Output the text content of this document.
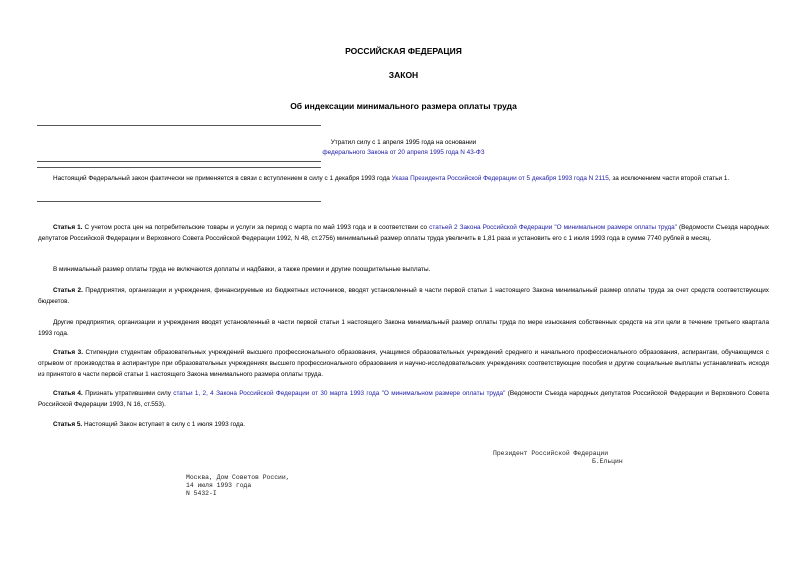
РОССИЙСКАЯ ФЕДЕРАЦИЯ
ЗАКОН
Об индексации минимального размера оплаты труда
Утратил силу с 1 апреля 1995 года на основании
федерального Закона от 20 апреля 1995 года N 43-ФЗ
Настоящий Федеральный закон фактически не применяется в связи с вступлением в силу с 1 декабря 1993 года Указа Президента Российской Федерации от 5 декабря 1993 года N 2115, за исключением части второй статьи 1.
Статья 1. С учетом роста цен на потребительские товары и услуги за период с марта по май 1993 года и в соответствии со статьей 2 Закона Российской Федерации "О минимальном размере оплаты труда" (Ведомости Съезда народных депутатов Российской Федерации и Верховного Совета Российской Федерации 1992, N 48, ст.2756) минимальный размер оплаты труда увеличить в 1,81 раза и установить его с 1 июля 1993 года в сумме 7740 рублей в месяц.
В минимальный размер оплаты труда не включаются доплаты и надбавки, а также премии и другие поощрительные выплаты.
Статья 2. Предприятия, организации и учреждения, финансируемые из бюджетных источников, вводят установленный в части первой статьи 1 настоящего Закона минимальный размер оплаты труда за счет средств соответствующих бюджетов.
Другие предприятия, организации и учреждения вводят установленный в части первой статьи 1 настоящего Закона минимальный размер оплаты труда по мере изыскания собственных средств на эти цели в течение третьего квартала 1993 года.
Статья 3. Стипендии студентам образовательных учреждений высшего профессионального образования, учащимся образовательных учреждений среднего и начального профессионального образования, аспирантам, обучающимся с отрывом от производства в аспирантуре при образовательных учреждениях высшего профессионального образования и научно-исследовательских учреждениях соответствующие пособия и другие социальные выплаты устанавливать исходя из принятого в части первой статьи 1 настоящего Закона минимального размера оплаты труда.
Статья 4. Признать утратившими силу статьи 1, 2, 4 Закона Российской Федерации от 30 марта 1993 года "О минимальном размере оплаты труда" (Ведомости Съезда народных депутатов Российской Федерации и Верховного Совета Российской Федерации 1993, N 16, ст.553).
Статья 5. Настоящий Закон вступает в силу с 1 июля 1993 года.
Президент Российской Федерации
Б.Ельцин
Москва, Дом Советов России,
14 июля 1993 года
N 5432-I
